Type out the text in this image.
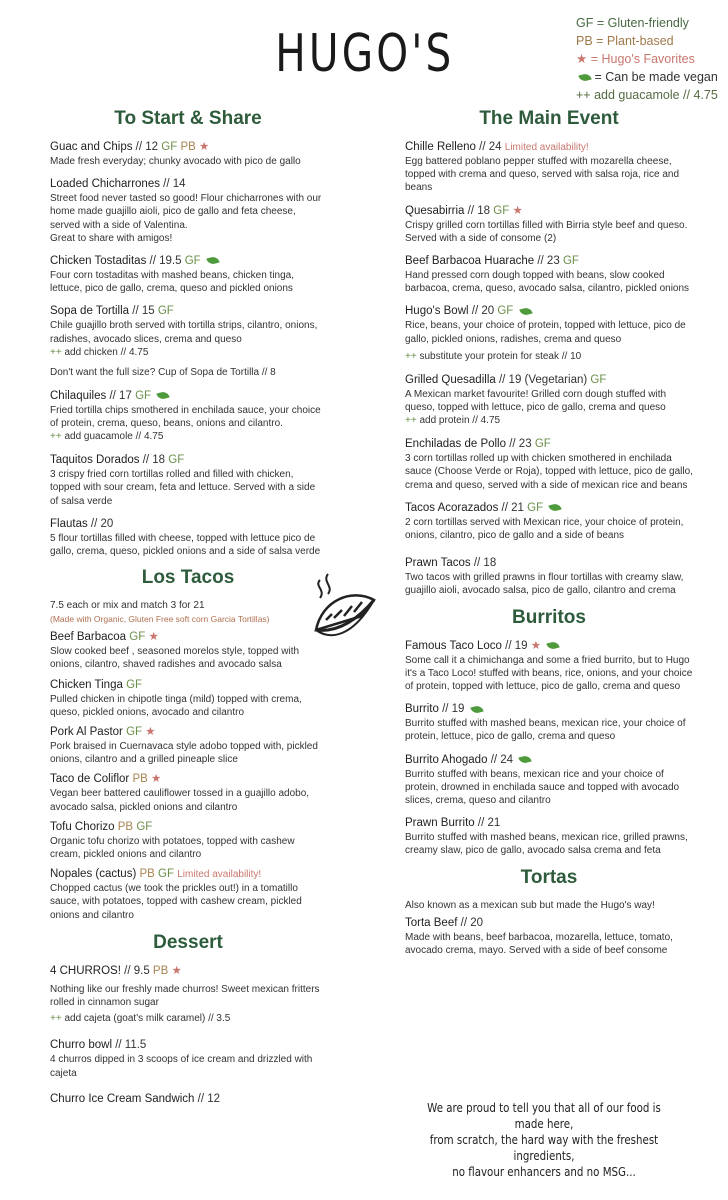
HUGO'S
GF = Gluten-friendly
PB = Plant-based
★ = Hugo's Favorites
= Can be made vegan
++ add guacamole // 4.75
To Start & Share
Guac and Chips // 12 GF PB ★
Made fresh everyday; chunky avocado with pico de gallo
Loaded Chicharrones // 14
Street food never tasted so good! Flour chicharrones with our home made guajillo aioli, pico de gallo and feta cheese, served with a side of Valentina.
Great to share with amigos!
Chicken Tostaditas // 19.5 GF
Four corn tostaditas with mashed beans, chicken tinga, lettuce, pico de gallo, crema, queso and pickled onions
Sopa de Tortilla // 15 GF
Chile guajillo broth served with tortilla strips, cilantro, onions, radishes, avocado slices, crema and queso
++ add chicken // 4.75
Don't want the full size? Cup of Sopa de Tortilla // 8
Chilaquiles // 17 GF
Fried tortilla chips smothered in enchilada sauce, your choice of protein, crema, queso, beans, onions and cilantro.
++ add guacamole // 4.75
Taquitos Dorados // 18 GF
3 crispy fried corn tortillas rolled and filled with chicken, topped with sour cream, feta and lettuce. Served with a side of salsa verde
Flautas // 20
5 flour tortillas filled with cheese, topped with lettuce pico de gallo, crema, queso, pickled onions and a side of salsa verde
Los Tacos
7.5 each or mix and match 3 for 21
(Made with Organic, Gluten Free soft corn Garcia Tortillas)
Beef Barbacoa GF ★
Slow cooked beef , seasoned morelos style, topped with onions, cilantro, shaved radishes and avocado salsa
Chicken Tinga GF
Pulled chicken in chipotle tinga (mild) topped with crema, queso, pickled onions, avocado and cilantro
Pork Al Pastor GF ★
Pork braised in Cuernavaca style adobo topped with, pickled onions, cilantro and a grilled pineaple slice
Taco de Coliflor PB ★
Vegan beer battered cauliflower tossed in a guajillo adobo, avocado salsa, pickled onions and cilantro
Tofu Chorizo PB GF
Organic tofu chorizo with potatoes, topped with cashew cream, pickled onions and cilantro
Nopales (cactus) PB GF Limited availability!
Chopped cactus (we took the prickles out!) in a tomatillo sauce, with potatoes, topped with cashew cream, pickled onions and cilantro
Dessert
4 CHURROS! // 9.5 PB ★
Nothing like our freshly made churros! Sweet mexican fritters rolled in cinnamon sugar
++ add cajeta (goat's milk caramel) // 3.5
Churro bowl // 11.5
4 churros dipped in 3 scoops of ice cream and drizzled with cajeta
Churro Ice Cream Sandwich // 12
The Main Event
Chille Relleno // 24 Limited availability!
Egg battered poblano pepper stuffed with mozarella cheese, topped with crema and queso, served with salsa roja, rice and beans
Quesabirria // 18 GF ★
Crispy grilled corn tortillas filled with Birria style beef and queso. Served with a side of consome (2)
Beef Barbacoa Huarache // 23 GF
Hand pressed corn dough topped with beans, slow cooked barbacoa, crema, queso, avocado salsa, cilantro, pickled onions
Hugo's Bowl // 20 GF
Rice, beans, your choice of protein, topped with lettuce, pico de gallo, pickled onions, radishes, crema and queso
++ substitute your protein for steak // 10
Grilled Quesadilla // 19 (Vegetarian) GF
A Mexican market favourite! Grilled corn dough stuffed with queso, topped with lettuce, pico de gallo, crema and queso
++ add protein // 4.75
Enchiladas de Pollo // 23 GF
3 corn tortillas rolled up with chicken smothered in enchilada sauce (Choose Verde or Roja), topped with lettuce, pico de gallo, crema and queso, served with a side of mexican rice and beans
Tacos Acorazados // 21 GF
2 corn tortillas served with Mexican rice, your choice of protein, onions, cilantro, pico de gallo and a side of beans
Prawn Tacos // 18
Two tacos with grilled prawns in flour tortillas with creamy slaw, guajillo aioli, avocado salsa, pico de gallo, cilantro and crema
Burritos
Famous Taco Loco // 19 ★
Some call it a chimichanga and some a fried burrito, but to Hugo it's a Taco Loco! stuffed with beans, rice, onions, and your choice of protein, topped with lettuce, pico de gallo, crema and queso
Burrito // 19
Burrito stuffed with mashed beans, mexican rice, your choice of protein, lettuce, pico de gallo, crema and queso
Burrito Ahogado // 24
Burrito stuffed with beans, mexican rice and your choice of protein, drowned in enchilada sauce and topped with avocado slices, crema, queso and cilantro
Prawn Burrito // 21
Burrito stuffed with mashed beans, mexican rice, grilled prawns, creamy slaw, pico de gallo, avocado salsa crema and feta
Tortas
Also known as a mexican sub but made the Hugo's way!
Torta Beef // 20
Made with beans, beef barbacoa, mozarella, lettuce, tomato, avocado crema, mayo. Served with a side of beef consome
We are proud to tell you that all of our food is made here,
from scratch, the hard way with the freshest ingredients,
no flavour enhancers and no MSG...
